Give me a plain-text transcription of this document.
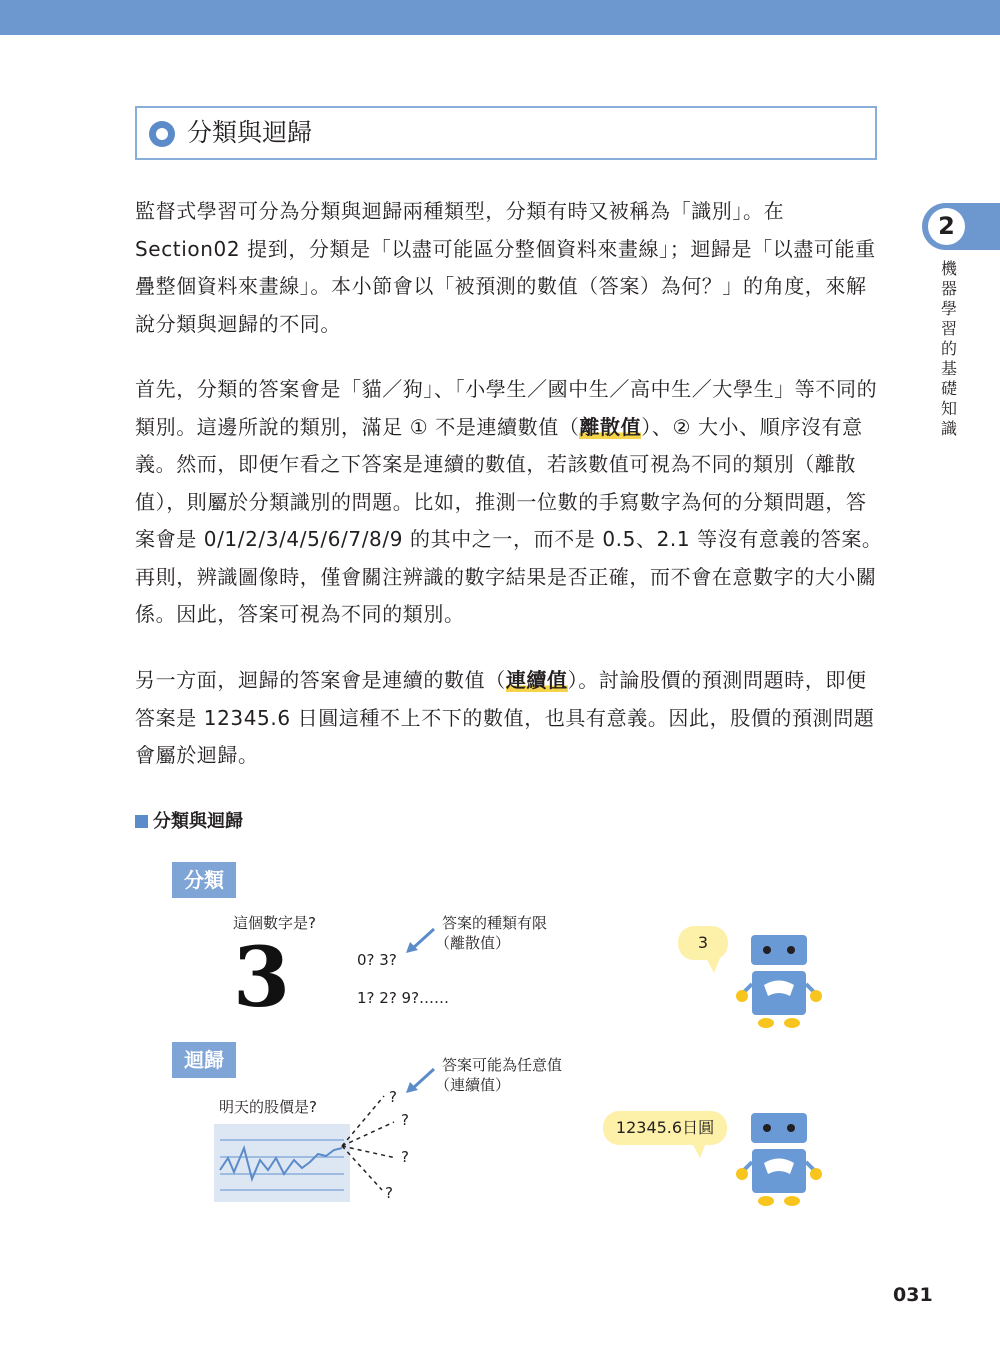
分類與迴歸
2
機器學習的基礎知識

監督式學習可分為分類與迴歸兩種類型，分類有時又被稱為「識別」。在Section02 提到，分類是「以盡可能區分整個資料來畫線」；迴歸是「以盡可能重疊整個資料來畫線」。本小節會以「被預測的數值（答案）為何？」的角度，來解說分類與迴歸的不同。

首先，分類的答案會是「貓／狗」、「小學生／國中生／高中生／大學生」等不同的類別。這邊所說的類別，滿足 ① 不是連續數值（離散值）、② 大小、順序沒有意義。然而，即便乍看之下答案是連續的數值，若該數值可視為不同的類別（離散值），則屬於分類識別的問題。比如，推測一位數的手寫數字為何的分類問題，答案會是 0/1/2/3/4/5/6/7/8/9 的其中之一，而不是 0.5、2.1 等沒有意義的答案。再則，辨識圖像時，僅會關注辨識的數字結果是否正確，而不會在意數字的大小關係。因此，答案可視為不同的類別。

另一方面，迴歸的答案會是連續的數值（連續值）。討論股價的預測問題時，即便答案是 12345.6 日圓這種不上不下的數值，也具有意義。因此，股價的預測問題會屬於迴歸。

分類與迴歸
分類
這個數字是?
3	0? 3?
1? 2? 9?……
答案的種類有限
（離散值）	3
迴歸	答案可能為任意值
（連續值）
明天的股價是?
?
?
?
?
12345.6日圓
031
